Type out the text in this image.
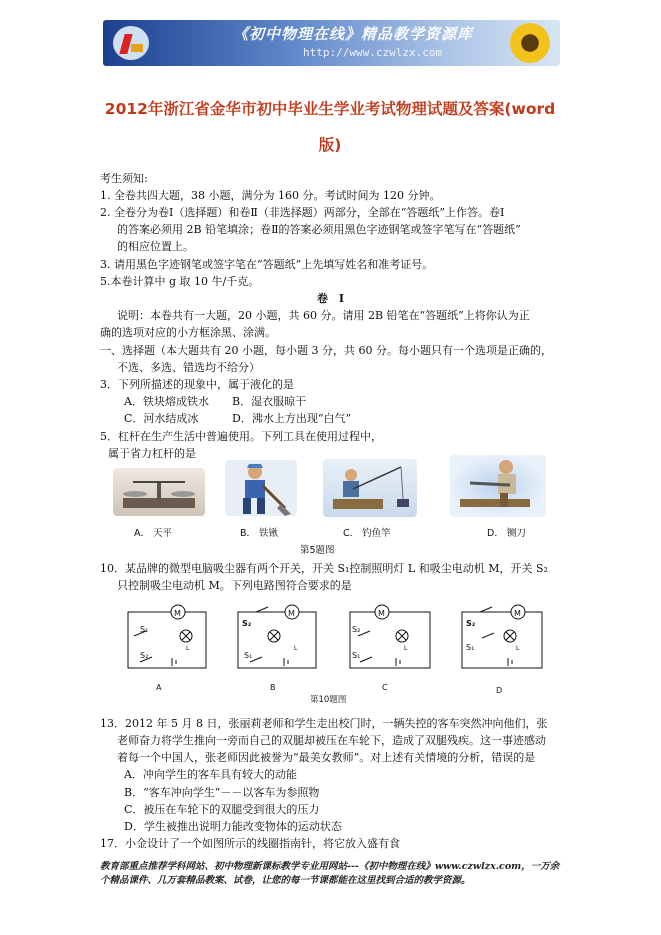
《初中物理在线》精品教学资源库
http://www.czwlzx.com
2012年浙江省金华市初中毕业生学业考试物理试题及答案(word
版)
考生须知:
1. 全卷共四大题，38 小题，满分为 160 分。考试时间为 120 分钟。
2. 全卷分为卷Ⅰ（选择题）和卷Ⅱ（非选择题）两部分，全部在“答题纸”上作答。卷Ⅰ
的答案必须用 2B 铅笔填涂；卷Ⅱ的答案必须用黑色字迹钢笔或签字笔写在“答题纸”
的相应位置上。
3. 请用黑色字迹钢笔或签字笔在“答题纸”上先填写姓名和准考证号。
5.本卷计算中 g 取 10 牛/千克。
卷　Ⅰ
说明：本卷共有一大题，20 小题，共 60 分。请用 2B 铅笔在“答题纸”上将你认为正
确的选项对应的小方框涂黑、涂满。
一、选择题（本大题共有 20 小题，每小题 3 分，共 60 分。每小题只有一个选项是正确的，
不选、多选、错选均不给分）
3．下列所描述的现象中，属于液化的是
A．铁块熔成铁水 B．湿衣服晾干
C．河水结成冰	D．沸水上方出现“白气”
5．杠杆在生产生活中普遍使用。下列工具在使用过程中，
属于省力杠杆的是
A． 天平	B． 铁锹	C． 钓鱼竿	D． 铡刀
第5题图
10．某品牌的微型电脑吸尘器有两个开关，开关 S₁控制照明灯 L 和吸尘电动机 M，开关 S₂
只控制吸尘电动机 M。下列电路图符合要求的是
M
S₁
S₂
L
M
S₂
S₁
L
M
S₂
S₁
L
M
S₂
S₁	L
A	B	C	D
第10题图
13．2012 年 5 月 8 日，张丽莉老师和学生走出校门时，一辆失控的客车突然冲向他们，张
老师奋力将学生推向一旁而自己的双腿却被压在车轮下，造成了双腿残疾。这一事迹感动
着每一个中国人，张老师因此被誉为“最美女教师”。对上述有关情境的分析，错误的是
A．冲向学生的客车具有较大的动能
B．“客车冲向学生”－－以客车为参照物
C．被压在车轮下的双腿受到很大的压力
D．学生被推出说明力能改变物体的运动状态
17．小金设计了一个如图所示的线圈指南针，将它放入盛有食
教育部重点推荐学科网站、初中物理新课标教学专业用网站---《初中物理在线》www.czwlzx.com，一万余
个精品课件、几万套精品教案、试卷，让您的每一节课都能在这里找到合适的教学资源。
